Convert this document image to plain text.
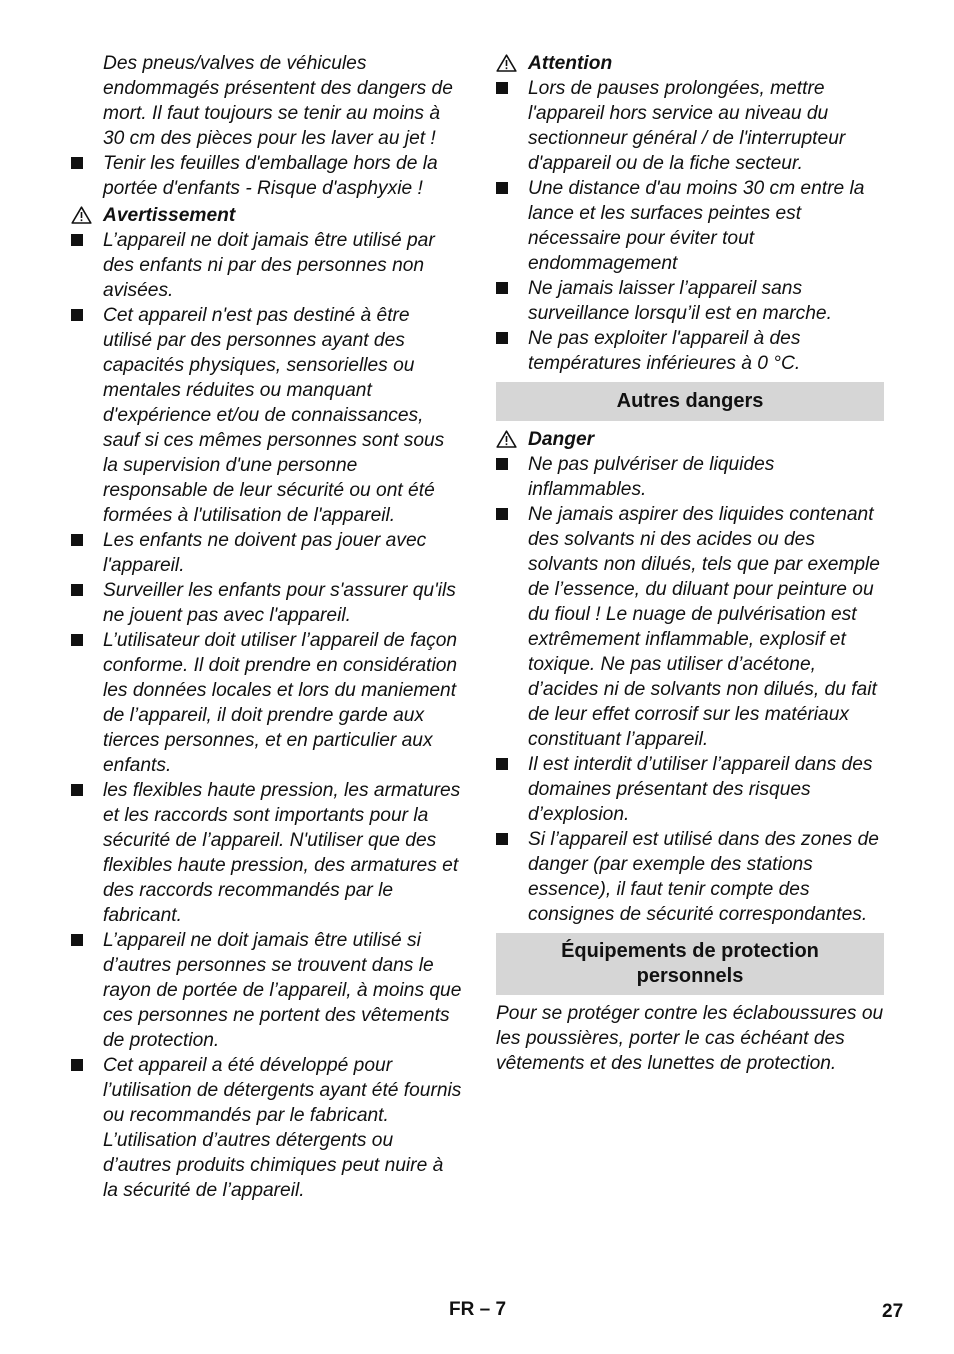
Des pneus/valves de véhicules endommagés présentent des dangers de mort. Il faut toujours se tenir au moins à 30 cm des pièces pour les laver au jet !

Tenir les feuilles d'emballage hors de la portée d'enfants - Risque d'asphyxie !

Avertissement

L’appareil ne doit jamais être utilisé par des enfants ni par des personnes non avisées.

Cet appareil n'est pas destiné à être utilisé par des personnes ayant des capacités physiques, sensorielles ou mentales réduites ou manquant d'expérience et/ou de connaissances, sauf si ces mêmes personnes sont sous la supervision d'une personne responsable de leur sécurité ou ont été formées à l'utilisation de l'appareil.

Les enfants ne doivent pas jouer avec l'appareil.

Surveiller les enfants pour s'assurer qu'ils ne jouent pas avec l'appareil.

L’utilisateur doit utiliser l’appareil de façon conforme. Il doit prendre en considération les données locales et lors du maniement de l’appareil, il doit prendre garde aux tierces personnes, et en particulier aux enfants.

les flexibles haute pression, les armatures et les raccords sont importants pour la sécurité de l’appareil. N'utiliser que des flexibles haute pression, des armatures et des raccords recommandés par le fabricant.

L’appareil ne doit jamais être utilisé si d’autres personnes se trouvent dans le rayon de portée de l’appareil, à moins que ces personnes ne portent des vêtements de protection.

Cet appareil a été développé pour l’utilisation de détergents ayant été fournis ou recommandés par le fabricant. L’utilisation d’autres détergents ou d’autres produits chimiques peut nuire à la sécurité de l’appareil.

Attention

Lors de pauses prolongées, mettre l'appareil hors service au niveau du sectionneur général / de l'interrupteur d'appareil ou de la fiche secteur.

Une distance d'au moins 30 cm entre la lance et les surfaces peintes est nécessaire pour éviter tout endommagement

Ne jamais laisser l’appareil sans surveillance lorsqu’il est en marche.

Ne pas exploiter l'appareil à des températures inférieures à 0 °C.

Autres dangers
Danger

Ne pas pulvériser de liquides inflammables.

Ne jamais aspirer des liquides contenant des solvants ni des acides ou des solvants non dilués, tels que par exemple de l’essence, du diluant pour peinture ou du fioul ! Le nuage de pulvérisation est extrêmement inflammable, explosif et toxique. Ne pas utiliser d’acétone, d’acides ni de solvants non dilués, du fait de leur effet corrosif sur les matériaux constituant l’appareil.

Il est interdit d’utiliser l’appareil dans des domaines présentant des risques d’explosion.

Si l’appareil est utilisé dans des zones de danger (par exemple des stations essence), il faut tenir compte des consignes de sécurité correspondantes.

Équipements de protection personnels

Pour se protéger contre les éclaboussures ou les poussières, porter le cas échéant des vêtements et des lunettes de protection.

FR – 7	27
